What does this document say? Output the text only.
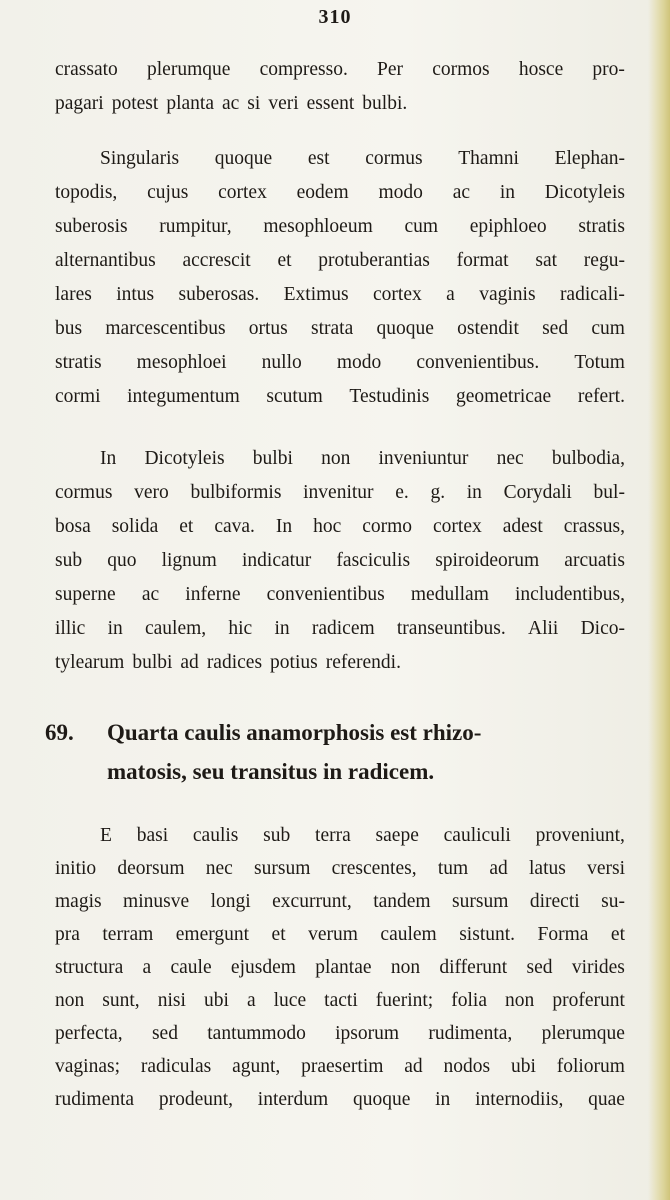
310
crassato plerumque compresso. Per cormos hosce pro-
pagari potest planta ac si veri essent bulbi.
Singularis quoque est cormus Thamni Elephan-
topodis, cujus cortex eodem modo ac in Dicotyleis
suberosis rumpitur, mesophloeum cum epiphloeo stratis
alternantibus accrescit et protuberantias format sat regu-
lares intus suberosas. Extimus cortex a vaginis radicali-
bus marcescentibus ortus strata quoque ostendit sed cum
stratis mesophloei nullo modo convenientibus. Totum
cormi integumentum scutum Testudinis geometricae refert.
In Dicotyleis bulbi non inveniuntur nec bulbodia,
cormus vero bulbiformis invenitur e. g. in Corydali bul-
bosa solida et cava. In hoc cormo cortex adest crassus,
sub quo lignum indicatur fasciculis spiroideorum arcuatis
superne ac inferne convenientibus medullam includentibus,
illic in caulem, hic in radicem transeuntibus. Alii Dico-
tylearum bulbi ad radices potius referendi.
E basi caulis sub terra saepe cauliculi proveniunt,
initio deorsum nec sursum crescentes, tum ad latus versi
magis minusve longi excurrunt, tandem sursum directi su-
pra terram emergunt et verum caulem sistunt. Forma et
structura a caule ejusdem plantae non differunt sed virides
non sunt, nisi ubi a luce tacti fuerint; folia non proferunt
perfecta, sed tantummodo ipsorum rudimenta, plerumque
vaginas; radiculas agunt, praesertim ad nodos ubi foliorum
rudimenta prodeunt, interdum quoque in internodiis, quae
69. Quarta caulis anamorphosis est rhizo-
matosis, seu transitus in radicem.
